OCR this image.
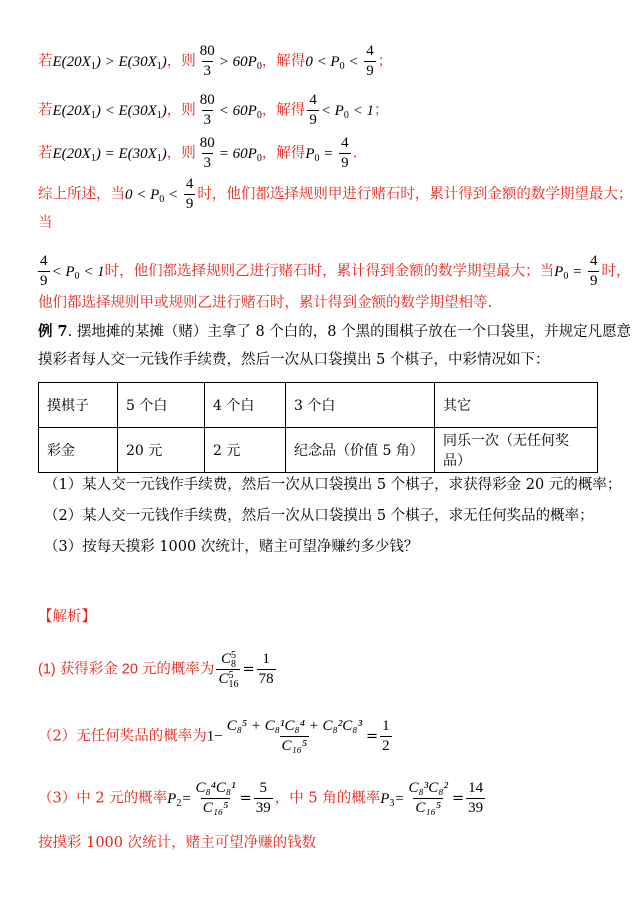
若$E(20X_1) > E(30X_1)$，则 $\frac{80}{3} > 60P_0$，解得$0 < P_0 < \frac{4}{9}$ ；
若$E(20X_1) < E(30X_1)$，则 $\frac{80}{3} < 60P_0$，解得 $\frac{4}{9} < P_0 < 1$；
若$E(20X_1) = E(30X_1)$，则 $\frac{80}{3} = 60P_0$，解得$P_0 = \frac{4}{9}$ .
综上所述，当$0 < P_0 < \frac{4}{9}$ 时，他们都选择规则甲进行赌石时，累计得到金额的数学期望最大；
当
$\frac{4}{9} < P_0 < 1$时，他们都选择规则乙进行赌石时，累计得到金额的数学期望最大；当$P_0 = \frac{4}{9}$ 时，
他们都选择规则甲或规则乙进行赌石时，累计得到金额的数学期望相等.
例 7. 摆地摊的某摊（赌）主拿了 8 个白的，8 个黑的围棋子放在一个口袋里，并规定凡愿意
摸彩者每人交一元钱作手续费，然后一次从口袋摸出 5 个棋子，中彩情况如下：
摸棋子	5 个白	4 个白	3 个白	其它
彩金	20 元	2 元	纪念品（价值 5 角）	同乐一次（无任何奖品）
（1）某人交一元钱作手续费，然后一次从口袋摸出 5 个棋子，求获得彩金 20 元的概率；
（2）某人交一元钱作手续费，然后一次从口袋摸出 5 个棋子，求无任何奖品的概率；
（3）按每天摸彩 1000 次统计，赌主可望净赚约多少钱？
【解析】
(1) 获得彩金 20 元的概率为 C 5
8
C 5
$16 = \frac{1}{78}$
（2）无任何奖品的概率为$1- \frac{\text{C₈⁵ + C₈¹C₈⁴ + C₈²C₈³}}{\text{C₁₆⁵}} = \frac{1}{2}$
（3）中 2 元的概率$P_2= \frac{\text{C₈⁴C₈¹}}{\text{C₁₆⁵}} = \frac{5}{39}$ ，中 5 角的概率$P_3= \frac{\text{C₈³C₈²}}{\text{C₁₆⁵}} = \frac{14}{39}$
按摸彩 1000 次统计，赌主可望净赚的钱数
